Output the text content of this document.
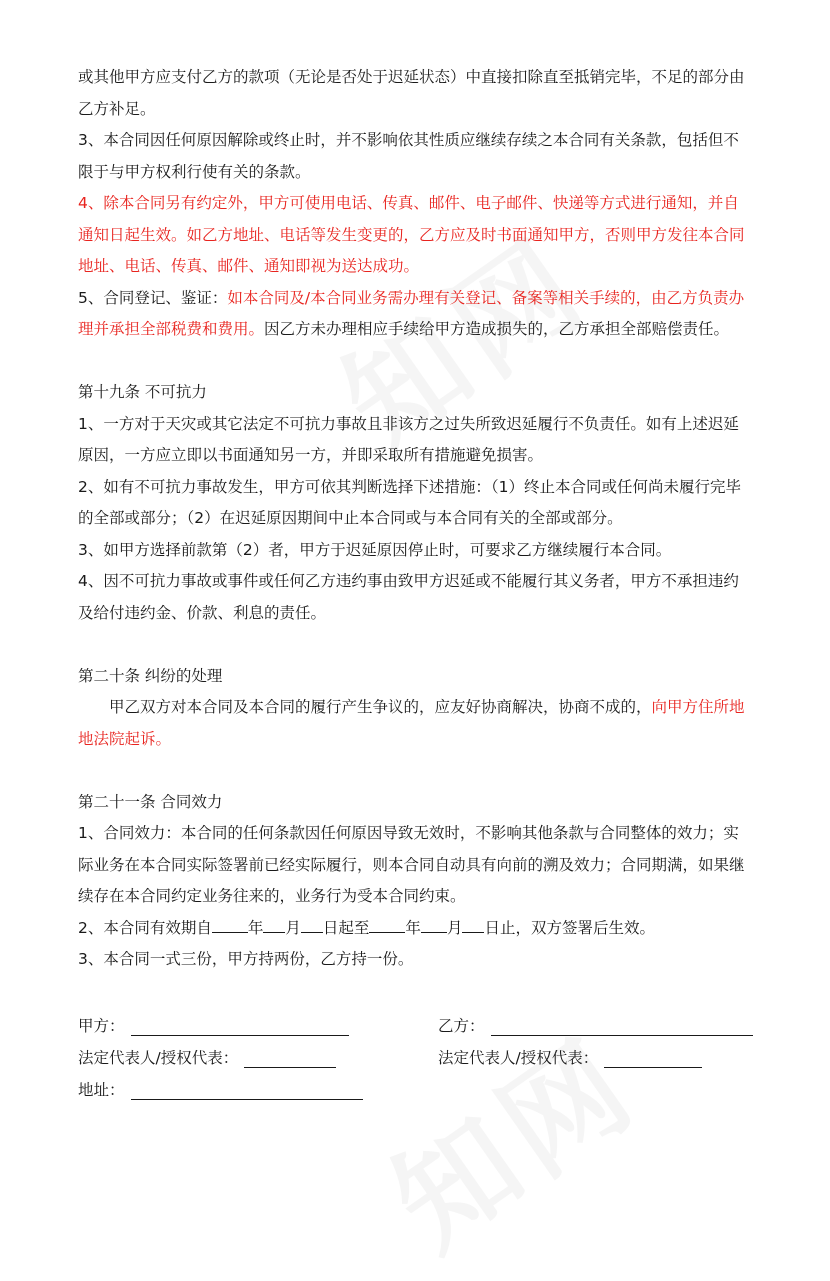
或其他甲方应支付乙方的款项（无论是否处于迟延状态）中直接扣除直至抵销完毕，不足的部分由乙方补足。

3、本合同因任何原因解除或终止时，并不影响依其性质应继续存续之本合同有关条款，包括但不限于与甲方权利行使有关的条款。

4、除本合同另有约定外，甲方可使用电话、传真、邮件、电子邮件、快递等方式进行通知，并自通知日起生效。如乙方地址、电话等发生变更的，乙方应及时书面通知甲方，否则甲方发往本合同地址、电话、传真、邮件、通知即视为送达成功。

5、合同登记、鉴证：如本合同及/本合同业务需办理有关登记、备案等相关手续的，由乙方负责办理并承担全部税费和费用。因乙方未办理相应手续给甲方造成损失的，乙方承担全部赔偿责任。

第十九条 不可抗力

1、一方对于天灾或其它法定不可抗力事故且非该方之过失所致迟延履行不负责任。如有上述迟延原因，一方应立即以书面通知另一方，并即采取所有措施避免损害。

2、如有不可抗力事故发生，甲方可依其判断选择下述措施：（1）终止本合同或任何尚未履行完毕的全部或部分；（2）在迟延原因期间中止本合同或与本合同有关的全部或部分。

3、如甲方选择前款第（2）者，甲方于迟延原因停止时，可要求乙方继续履行本合同。

4、因不可抗力事故或事件或任何乙方违约事由致甲方迟延或不能履行其义务者，甲方不承担违约及给付违约金、价款、利息的责任。

第二十条 纠纷的处理

甲乙双方对本合同及本合同的履行产生争议的，应友好协商解决，协商不成的，向甲方住所地地法院起诉。

第二十一条 合同效力

1、合同效力：本合同的任何条款因任何原因导致无效时，不影响其他条款与合同整体的效力；实际业务在本合同实际签署前已经实际履行，则本合同自动具有向前的溯及效力；合同期满，如果继续存在本合同约定业务往来的，业务行为受本合同约束。

2、本合同有效期自 年 月 日起至 年 月 日止，双方签署后生效。

3、本合同一式三份，甲方持两份，乙方持一份。

甲方：	乙方：
法定代表人/授权代表：	法定代表人/授权代表：
地址：
